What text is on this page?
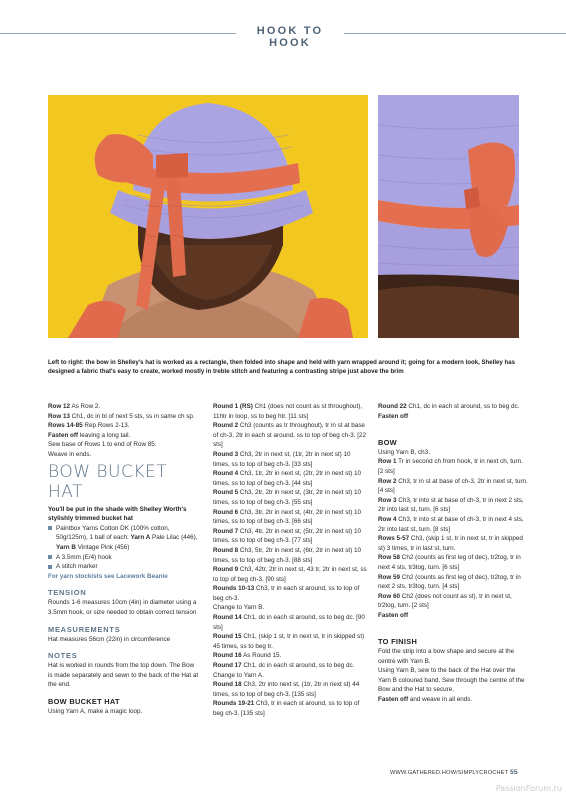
HOOK TO HOOK
Left to right: the bow in Shelley's hat is worked as a rectangle, then folded into shape and held with yarn wrapped around it; going for a modern look, Shelley has designed a fabric that's easy to create, worked mostly in treble stitch and featuring a contrasting stripe just above the brim

Row 12 As Row 2.

Row 13 Ch1, dc in bl of next 5 sts, ss in same ch sp.

Rows 14-85 Rep Rows 2-13.

Fasten off leaving a long tail.

Sew base of Rows 1 to end of Row 85.

Weave in ends.

BOW BUCKET HAT

You'll be put in the shade with Shelley Worth's stylishly trimmed bucket hat

Paintbox Yarns Cotton DK (100% cotton, 50g/125m), 1 ball of each: Yarn A Pale Lilac (446), Yarn B Vintage Pink (456)

A 3.5mm (E/4) hook

A stitch marker

For yarn stockists see Lacework Beanie

TENSION

Rounds 1-6 measures 10cm (4in) in diameter using a 3.5mm hook, or size needed to obtain correct tension

MEASUREMENTS

Hat measures 56cm (22in) in circumference

NOTES

Hat is worked in rounds from the top down. The Bow is made separately and sewn to the back of the Hat at the end.

BOW BUCKET HAT

Using Yarn A, make a magic loop.

Round 1 (RS) Ch1 (does not count as st throughout), 11htr in loop, ss to beg htr. [11 sts]

Round 2 Ch3 (counts as tr throughout), tr in st at base of ch-3, 2tr in each st around, ss to top of beg ch-3. [22 sts]

Round 3 Ch3, 2tr in next st, (1tr, 2tr in next st) 10 times, ss to top of beg ch-3. [33 sts]

Round 4 Ch3, 1tr, 2tr in next st, (2tr, 2tr in next st) 10 times, ss to top of beg ch-3. [44 sts]

Round 5 Ch3, 2tr, 2tr in next st, (3tr, 2tr in next st) 10 times, ss to top of beg ch-3. [55 sts]

Round 6 Ch3, 3tr, 2tr in next st, (4tr, 2tr in next st) 10 times, ss to top of beg ch-3. [66 sts]

Round 7 Ch3, 4tr, 2tr in next st, (5tr, 2tr in next st) 10 times, ss to top of beg ch-3. [77 sts]

Round 8 Ch3, 5tr, 2tr in next st, (6tr, 2tr in next st) 10 times, ss to top of beg ch-3. [88 sts]

Round 9 Ch3, 42tr, 2tr in next st, 43 tr, 2tr in next st, ss to top of beg ch-3. [90 sts]

Rounds 10-13 Ch3, tr in each st around, ss to top of beg ch-3.

Change to Yarn B.

Round 14 Ch1, dc in each st around, ss to beg dc. [90 sts]

Round 15 Ch1, (skip 1 st, tr in next st, tr in skipped st) 45 times, ss to beg tr.

Round 16 As Round 15.

Round 17 Ch1, dc in each st around, ss to beg dc.

Change to Yarn A.

Round 18 Ch3, 2tr into next st, (1tr, 2tr in next st) 44 times, ss to top of beg ch-3. [135 sts]

Rounds 19-21 Ch3, tr in each st around, ss to top of beg ch-3. [135 sts]

Round 22 Ch1, dc in each st around, ss to beg dc.

Fasten off

BOW

Using Yarn B, ch3.

Row 1 Tr in second ch from hook, tr in next ch, turn. [2 sts]

Row 2 Ch3, tr in st at base of ch-3, 2tr in next st, turn. [4 sts]

Row 3 Ch3, tr into st at base of ch-3, tr in next 2 sts, 2tr into last st, turn. [6 sts]

Row 4 Ch3, tr into st at base of ch-3, tr in next 4 sts, 2tr into last st, turn. [8 sts]

Rows 5-57 Ch3, (skip 1 st, tr in next st, tr in skipped st) 3 times, tr in last st, turn.

Row 58 Ch2 (counts as first leg of dec), tr2tog, tr in next 4 sts, tr3tog, turn. [6 sts]

Row 59 Ch2 (counts as first leg of dec), tr2tog, tr in next 2 sts, tr3tog, turn. [4 sts]

Row 60 Ch2 (does not count as st), tr in next st, tr2tog, turn. [2 sts]

Fasten off

TO FINISH

Fold the strip into a bow shape and secure at the centre with Yarn B.

Using Yarn B, sew to the back of the Hat over the Yarn B coloured band. Sew through the centre of the Bow and the Hat to secure.

Fasten off and weave in all ends.

WWW.GATHERED.HOW/SIMPLYCROCHET 55
PassionForum.ru
